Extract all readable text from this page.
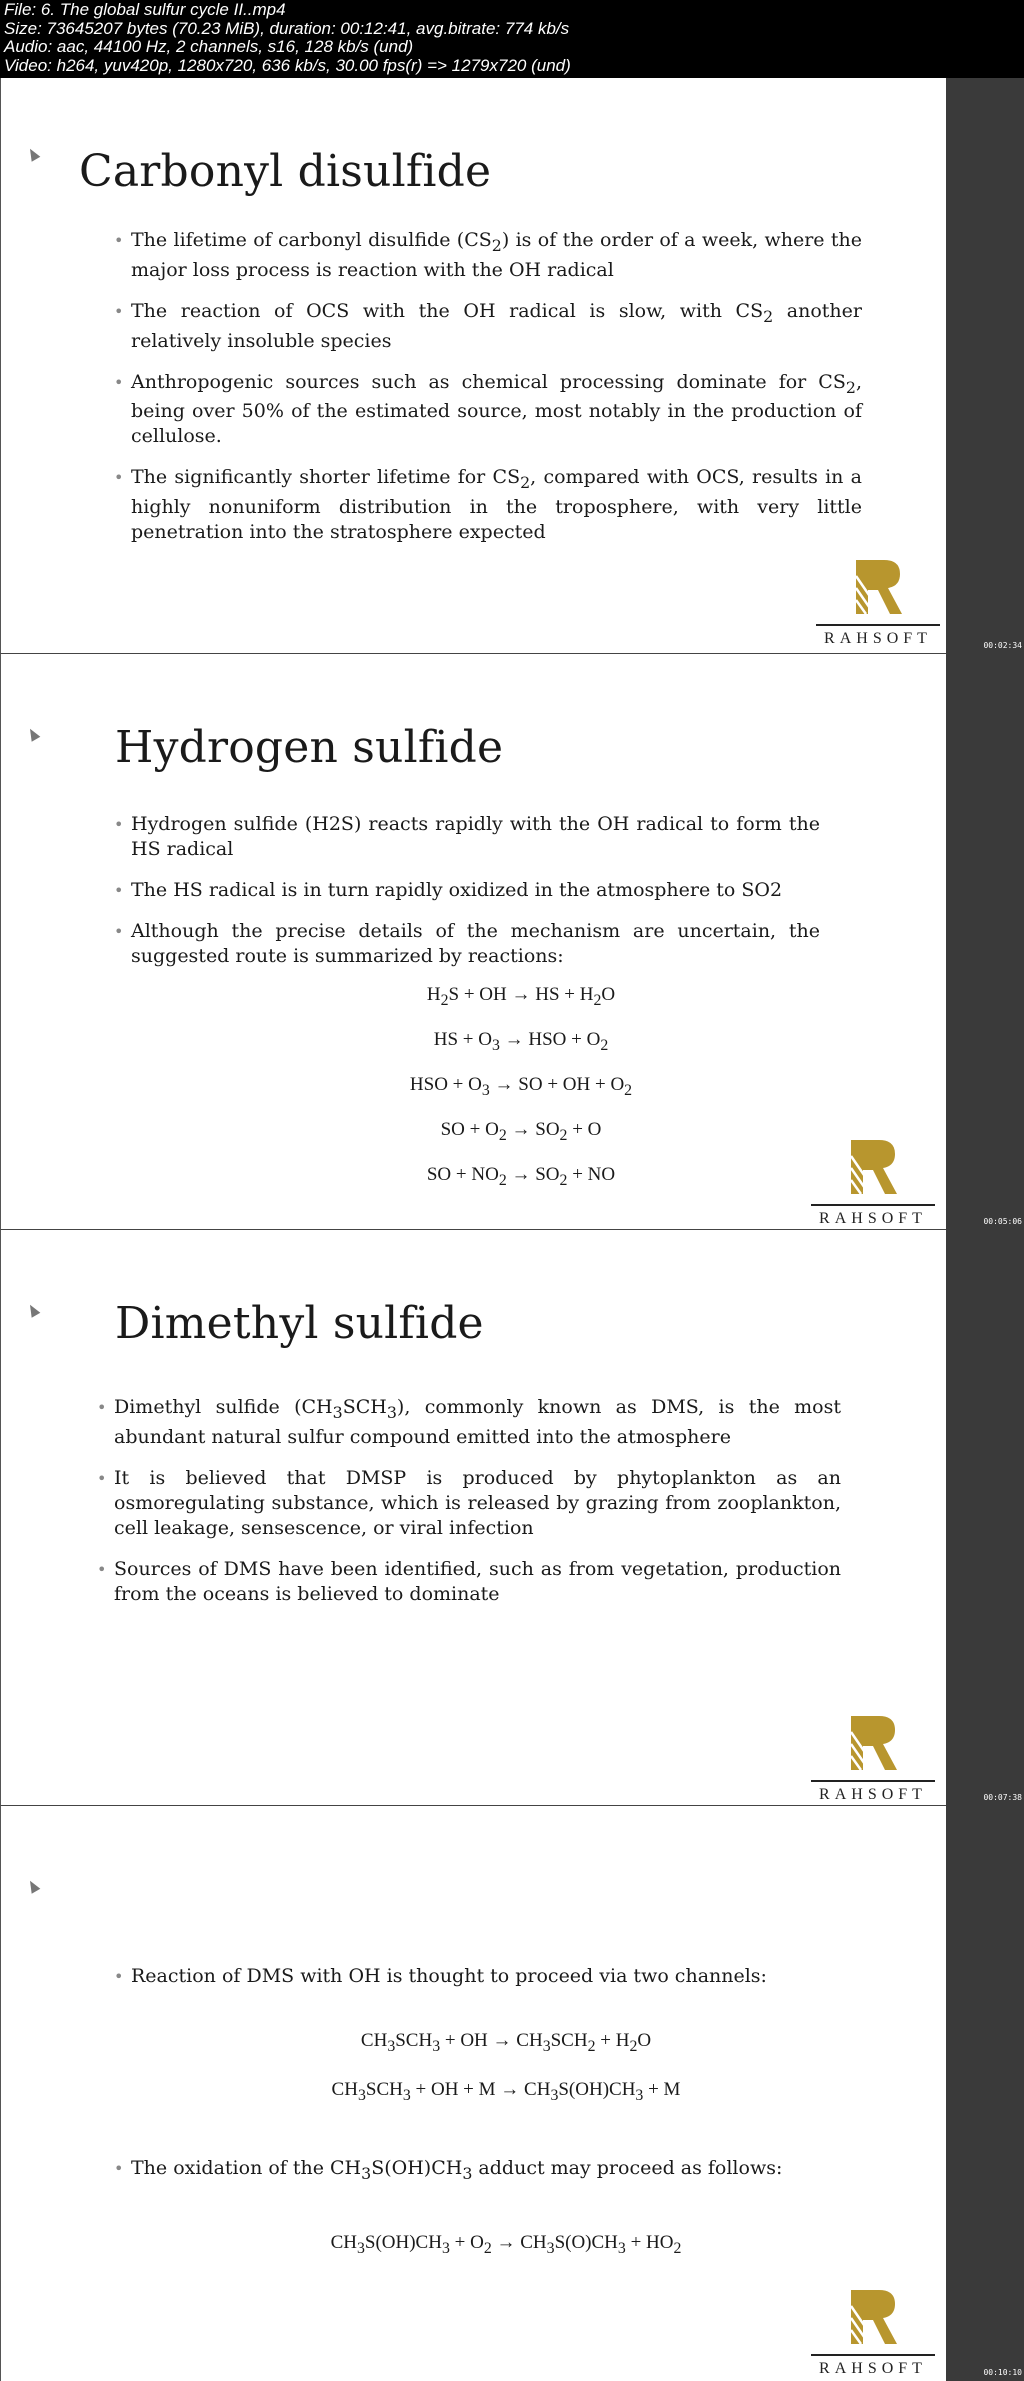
File: 6. The global sulfur cycle II..mp4
Size: 73645207 bytes (70.23 MiB), duration: 00:12:41, avg.bitrate: 774 kb/s
Audio: aac, 44100 Hz, 2 channels, s16, 128 kb/s (und)
Video: h264, yuv420p, 1280x720, 636 kb/s, 30.00 fps(r) => 1279x720 (und)
Carbonyl disulfide
• The lifetime of carbonyl disulfide $(CS_2)$ is of the order of a week, where the major loss process is reaction with the OH radical
• The reaction of OCS with the OH radical is slow, with $CS_2$ another relatively insoluble species
• Anthropogenic sources such as chemical processing dominate for $CS_2$, being over 50% of the estimated source, most notably in the production of cellulose.
• The significantly shorter lifetime for $CS_2$, compared with OCS, results in a highly nonuniform distribution in the troposphere, with very little penetration into the stratosphere expected
RAHSOFT	00:02:34
Hydrogen sulfide
• Hydrogen sulfide (H2S) reacts rapidly with the OH radical to form the HS radical
• The HS radical is in turn rapidly oxidized in the atmosphere to SO2
• Although the precise details of the mechanism are uncertain, the suggested route is summarized by reactions:
$H_2S$ + OH → HS + $H_2O$
HS + $O_3$ → HSO + $O_2$
HSO + $O_3$ → SO + OH + $O_2$
SO + $O_2 \to SO_2 + O$
SO + $NO_2 \to SO_2$ + NO
RAHSOFT	00:05:06
Dimethyl sulfide
• Dimethyl sulfide $(CH_3SCH_3)$, commonly known as DMS, is the most abundant natural sulfur compound emitted into the atmosphere
• It is believed that DMSP is produced by phytoplankton as an osmoregulating substance, which is released by grazing from zooplankton, cell leakage, sensescence, or viral infection
• Sources of DMS have been identified, such as from vegetation, production from the oceans is believed to dominate
RAHSOFT	00:07:38
• Reaction of DMS with OH is thought to proceed via two channels:
$CH_3SCH_3$ + OH → $CH_3SCH_2 + H_2O$
$CH_3SCH_3$ + OH + $M \to CH_3S(OH)CH_3 + M$
• The oxidation of the $CH_3S(OH)CH_3$ adduct may proceed as follows:
$CH_3S(OH)CH_3 + O_2 \to CH_3S(O)CH_3 + HO_2$
RAHSOFT	00:10:10
